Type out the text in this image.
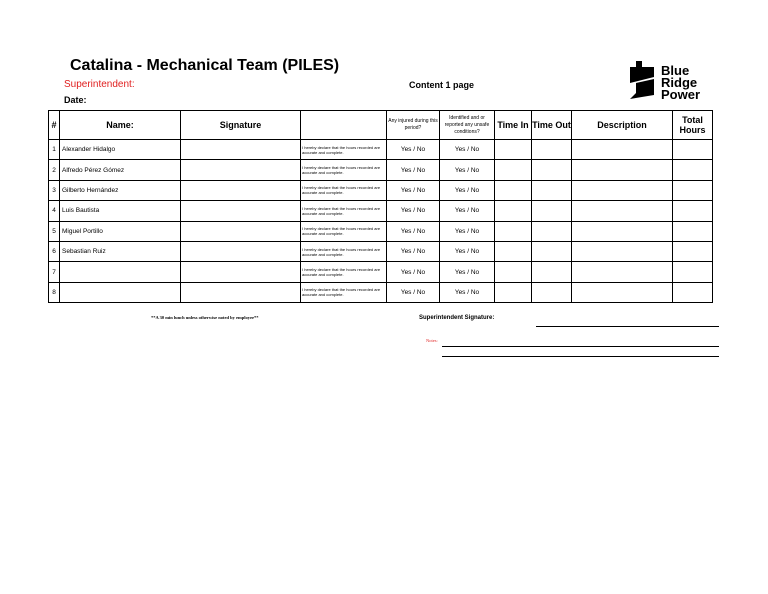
Catalina - Mechanical Team (PILES)
Superintendent:
Date:
Content 1 page
Blue
Ridge
Power
#	Name:	Signature		Any injured during this period?	Identified and or reported any unsafe conditions?	Time In	Time Out	Description	Total Hours
1	Alexander Hidalgo		I hereby declare that the hours recorded are accurate and complete.	Yes / No	Yes / No				
2	Alfredo Pérez Gómez		I hereby declare that the hours recorded are accurate and complete.	Yes / No	Yes / No				
3	Gilberto Hernández		I hereby declare that the hours recorded are accurate and complete.	Yes / No	Yes / No				
4	Luis Bautista		I hereby declare that the hours recorded are accurate and complete.	Yes / No	Yes / No				
5	Miguel Portillo		I hereby declare that the hours recorded are accurate and complete.	Yes / No	Yes / No				
6	Sebastian Ruiz		I hereby declare that the hours recorded are accurate and complete.	Yes / No	Yes / No				
7			I hereby declare that the hours recorded are accurate and complete.	Yes / No	Yes / No				
8			I hereby declare that the hours recorded are accurate and complete.	Yes / No	Yes / No				
**A 30 min lunch unless otherwise noted by employee**	Superintendent Signature:
Notes:
